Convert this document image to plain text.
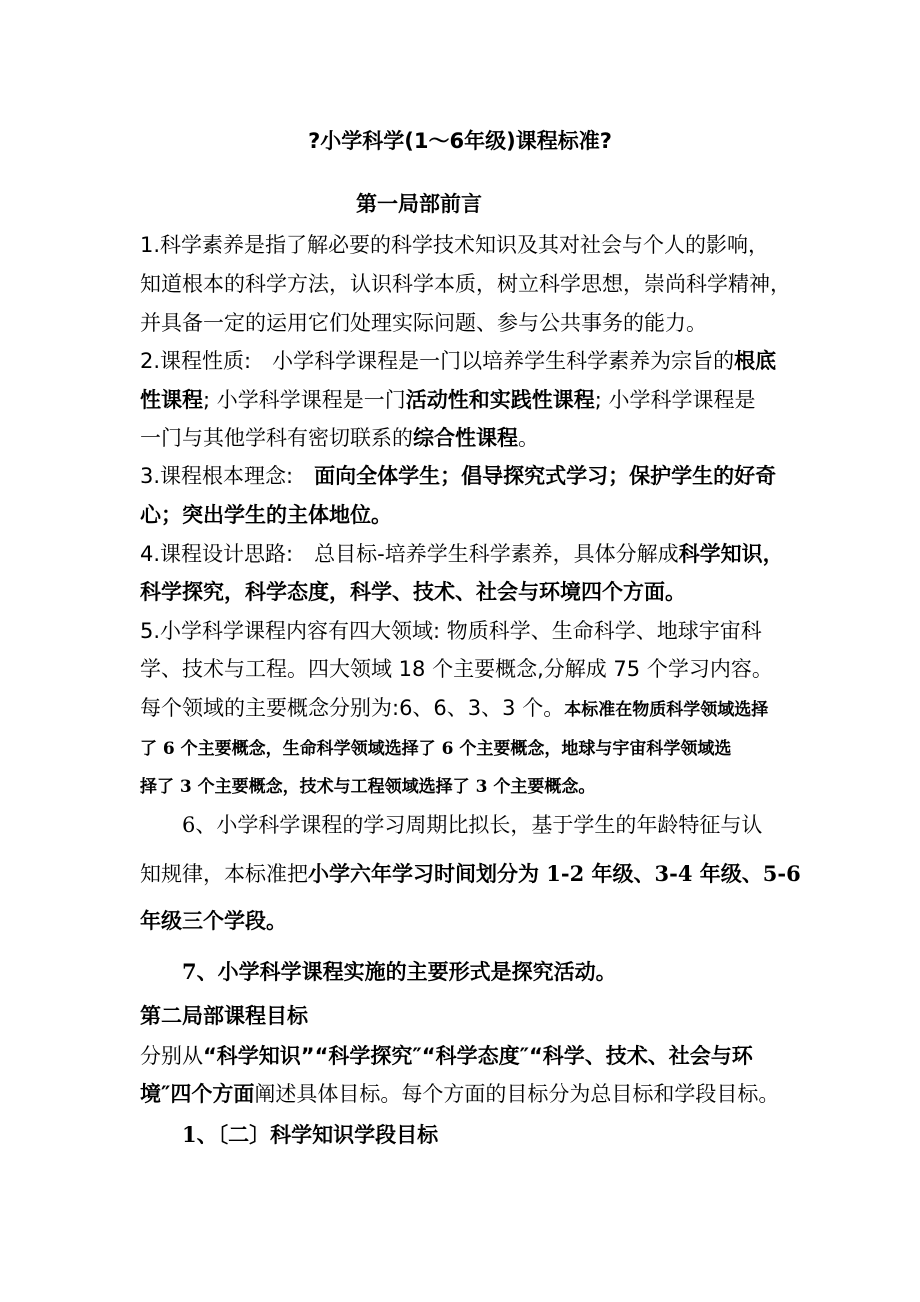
?小学科学(1～6年级)课程标准?
第一局部前言
1.科学素养是指了解必要的科学技术知识及其对社会与个人的影响，
知道根本的科学方法，认识科学本质，树立科学思想，崇尚科学精神，
并具备一定的运用它们处理实际问题、参与公共事务的能力。
2.课程性质:　小学科学课程是一门以培养学生科学素养为宗旨的根底
性课程; 小学科学课程是一门活动性和实践性课程; 小学科学课程是
一门与其他学科有密切联系的综合性课程。
3.课程根本理念:　面向全体学生；倡导探究式学习；保护学生的好奇
心；突出学生的主体地位。
4.课程设计思路:　总目标-培养学生科学素养，具体分解成科学知识，
科学探究，科学态度，科学、技术、社会与环境四个方面。
5.小学科学课程内容有四大领域: 物质科学、生命科学、地球宇宙科
学、技术与工程。四大领域 18 个主要概念,分解成 75 个学习内容。
每个领域的主要概念分别为:6、6、3、3 个。本标准在物质科学领域选择
了 6 个主要概念，生命科学领域选择了 6 个主要概念，地球与宇宙科学领域选
择了 3 个主要概念，技术与工程领域选择了 3 个主要概念。
6、小学科学课程的学习周期比拟长，基于学生的年龄特征与认
知规律，本标准把小学六年学习时间划分为 1-2 年级、3-4 年级、5-6
年级三个学段。
7、小学科学课程实施的主要形式是探究活动。
第二局部课程目标
分别从“科学知识”“科学探究″“科学态度″“科学、技术、社会与环
境″四个方面阐述具体目标。每个方面的目标分为总目标和学段目标。
1、〔二〕科学知识学段目标
